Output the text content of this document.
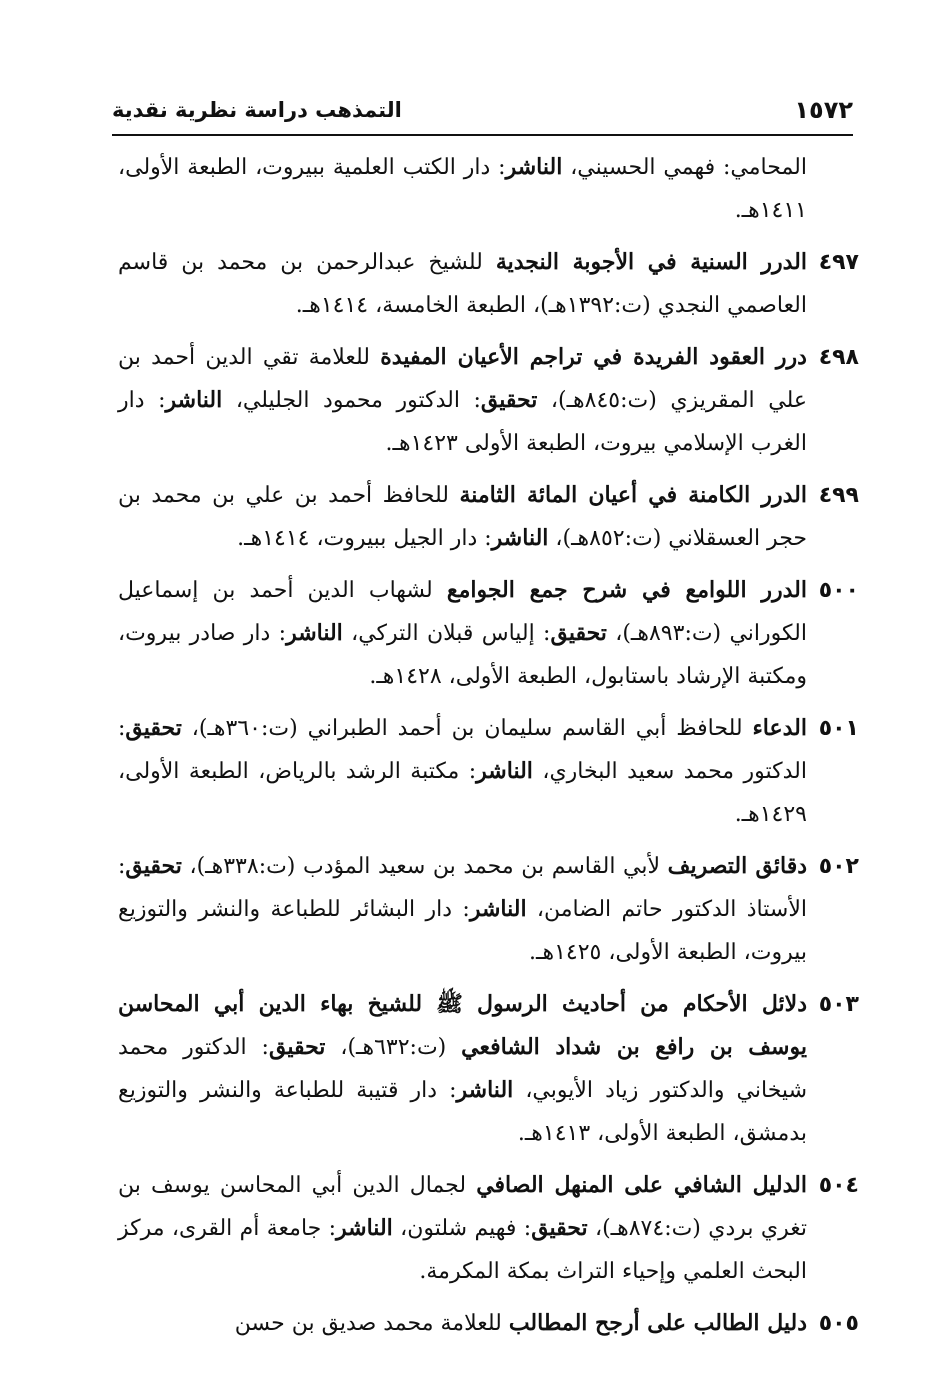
١٥٧٢
التمذهب دراسة نظرية نقدية
المحامي: فهمي الحسيني، الناشر: دار الكتب العلمية ببيروت، الطبعة الأولى، ١٤١١هـ.
٤٩٧
الدرر السنية في الأجوبة النجدية للشيخ عبدالرحمن بن محمد بن قاسم العاصمي النجدي (ت:١٣٩٢هـ)، الطبعة الخامسة، ١٤١٤هـ.
٤٩٨
درر العقود الفريدة في تراجم الأعيان المفيدة للعلامة تقي الدين أحمد بن علي المقريزي (ت:٨٤٥هـ)، تحقيق: الدكتور محمود الجليلي، الناشر: دار الغرب الإسلامي بيروت، الطبعة الأولى ١٤٢٣هـ.
٤٩٩
الدرر الكامنة في أعيان المائة الثامنة للحافظ أحمد بن علي بن محمد بن حجر العسقلاني (ت:٨٥٢هـ)، الناشر: دار الجيل ببيروت، ١٤١٤هـ.
٥٠٠
الدرر اللوامع في شرح جمع الجوامع لشهاب الدين أحمد بن إسماعيل الكوراني (ت:٨٩٣هـ)، تحقيق: إلياس قبلان التركي، الناشر: دار صادر بيروت، ومكتبة الإرشاد باستابول، الطبعة الأولى، ١٤٢٨هـ.
٥٠١
الدعاء للحافظ أبي القاسم سليمان بن أحمد الطبراني (ت:٣٦٠هـ)، تحقيق: الدكتور محمد سعيد البخاري، الناشر: مكتبة الرشد بالرياض، الطبعة الأولى، ١٤٢٩هـ.
٥٠٢
دقائق التصريف لأبي القاسم بن محمد بن سعيد المؤدب (ت:٣٣٨هـ)، تحقيق: الأستاذ الدكتور حاتم الضامن، الناشر: دار البشائر للطباعة والنشر والتوزيع بيروت، الطبعة الأولى، ١٤٢٥هـ.
٥٠٣
دلائل الأحكام من أحاديث الرسول ﷺ للشيخ بهاء الدين أبي المحاسن يوسف بن رافع بن شداد الشافعي (ت:٦٣٢هـ)، تحقيق: الدكتور محمد شيخاني والدكتور زياد الأيوبي، الناشر: دار قتيبة للطباعة والنشر والتوزيع بدمشق، الطبعة الأولى، ١٤١٣هـ.
٥٠٤
الدليل الشافي على المنهل الصافي لجمال الدين أبي المحاسن يوسف بن تغري بردي (ت:٨٧٤هـ)، تحقيق: فهيم شلتون، الناشر: جامعة أم القرى، مركز البحث العلمي وإحياء التراث بمكة المكرمة.
٥٠٥
دليل الطالب على أرجح المطالب للعلامة محمد صديق بن حسن
